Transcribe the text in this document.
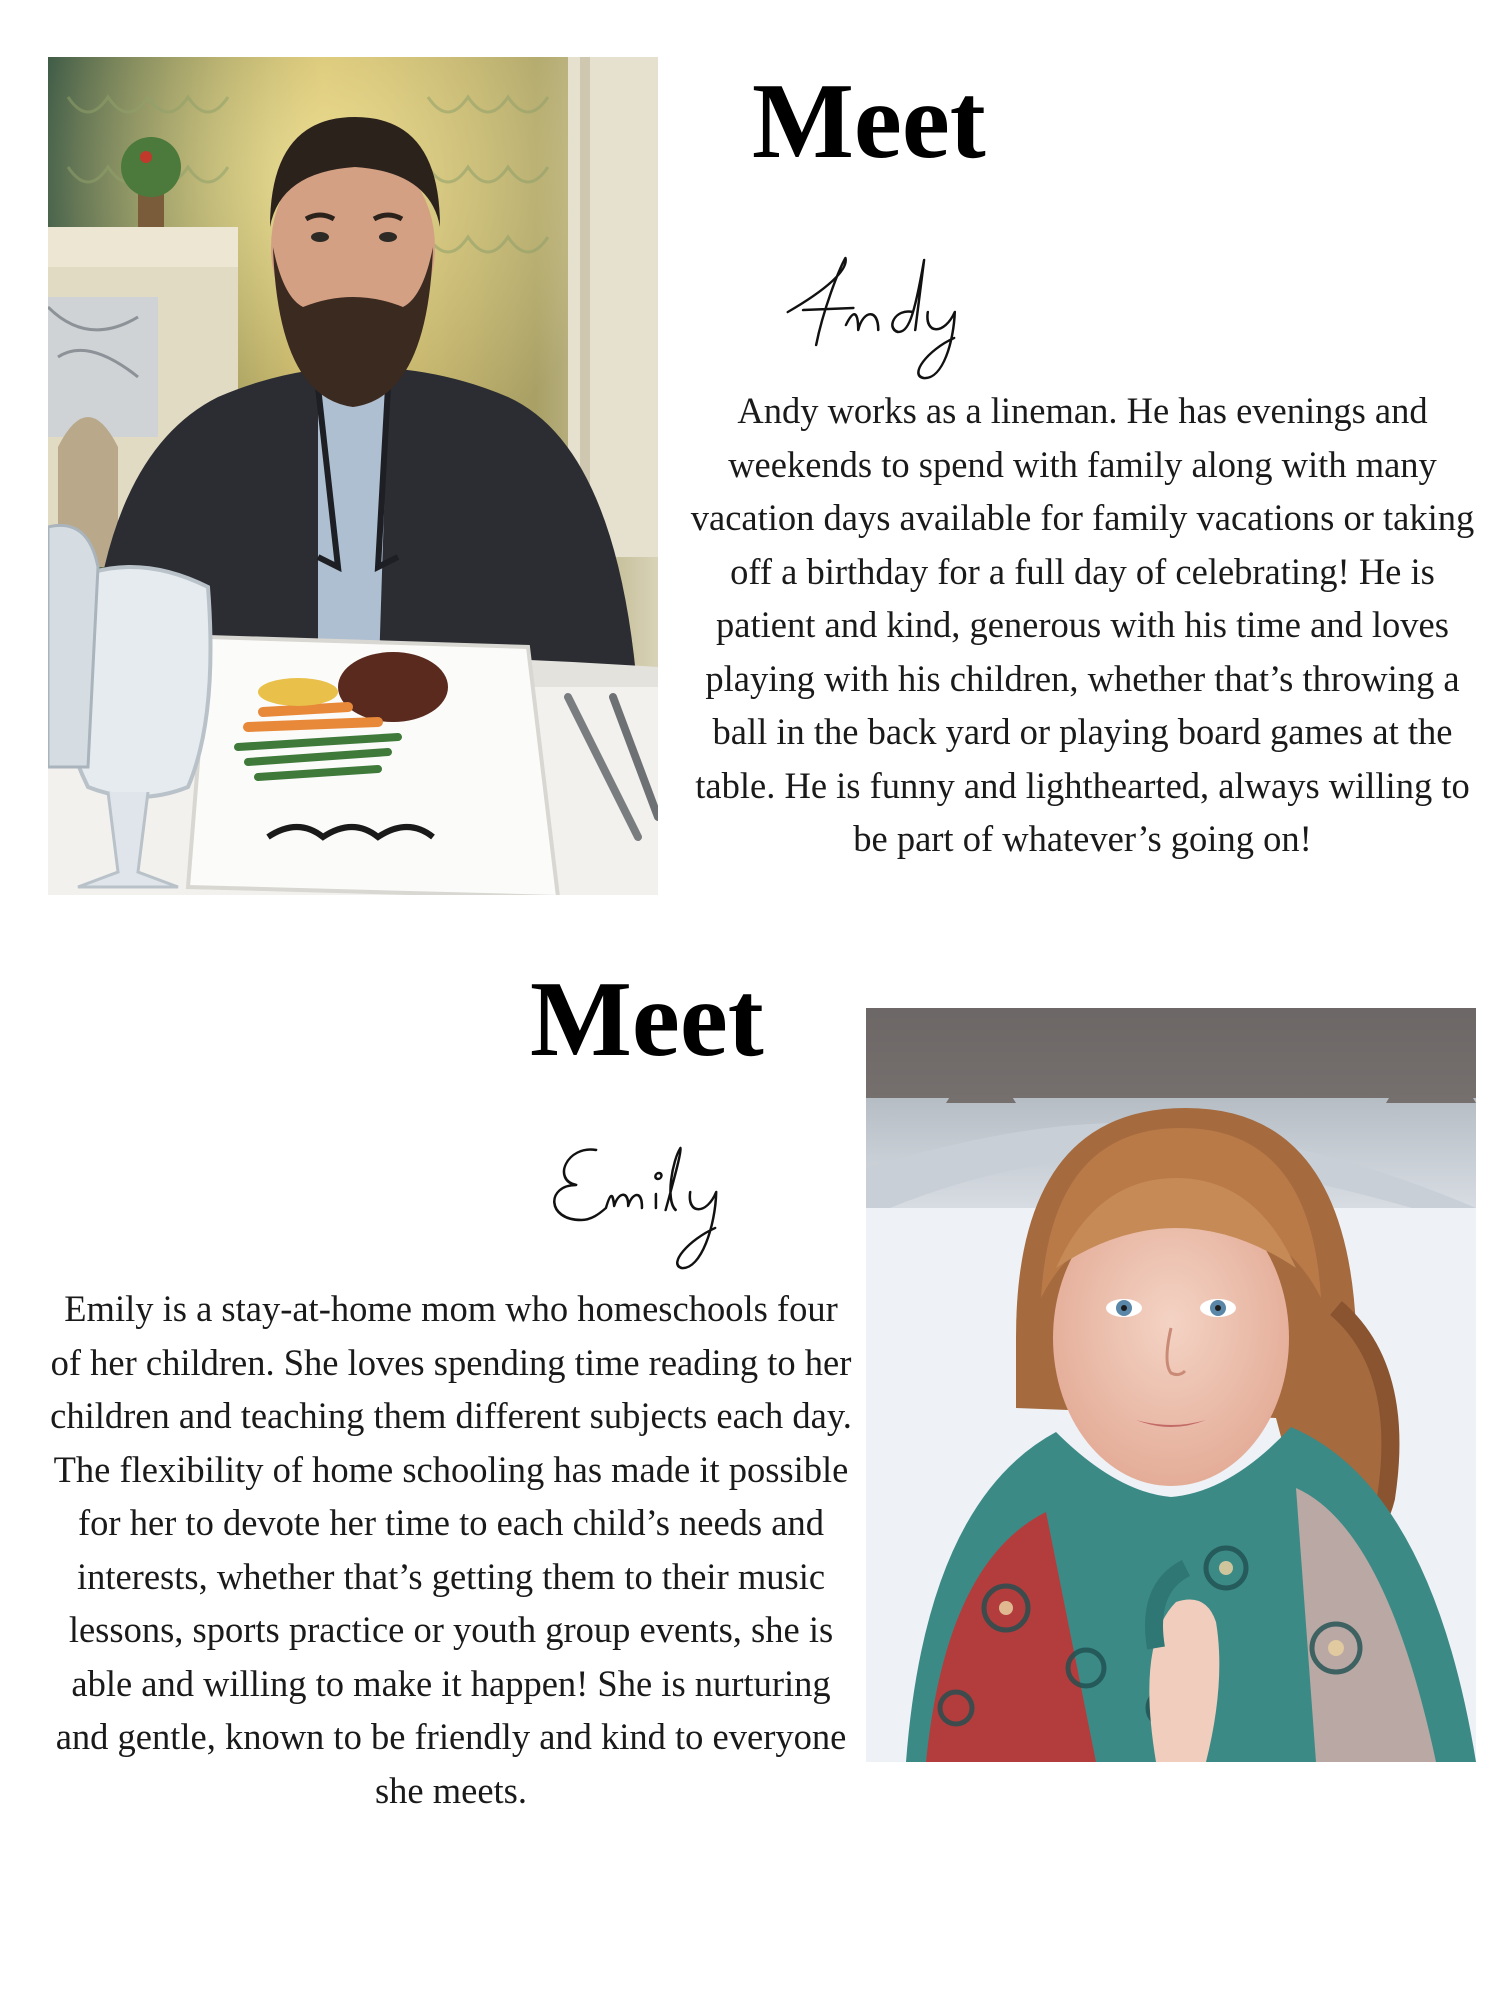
Meet

Andy works as a lineman. He has evenings and weekends to spend with family along with many vacation days available for family vacations or taking off a birthday for a full day of celebrating! He is patient and kind, generous with his time and loves playing with his children, whether that’s throwing a ball in the back yard or playing board games at the table. He is funny and lighthearted, always willing to be part of whatever’s going on!

Meet

Emily is a stay-at-home mom who homeschools four of her children. She loves spending time reading to her children and teaching them different subjects each day. The flexibility of home schooling has made it possible for her to devote her time to each child’s needs and interests, whether that’s getting them to their music lessons, sports practice or youth group events, she is able and willing to make it happen! She is nurturing and gentle, known to be friendly and kind to everyone she meets.
